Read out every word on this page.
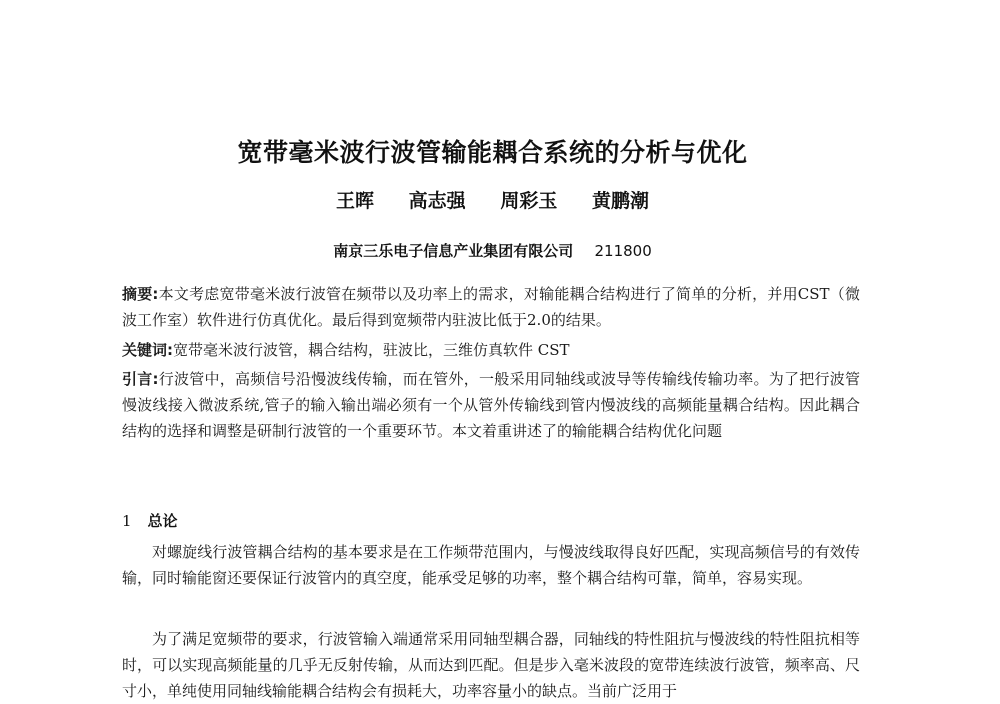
宽带毫米波行波管输能耦合系统的分析与优化
王晖 高志强 周彩玉 黄鹏潮
南京三乐电子信息产业集团有限公司 211800

摘要:本文考虑宽带毫米波行波管在频带以及功率上的需求，对输能耦合结构进行了简单的分析，并用CST（微波工作室）软件进行仿真优化。最后得到宽频带内驻波比低于2.0的结果。

关键词:宽带毫米波行波管，耦合结构，驻波比，三维仿真软件 CST

引言:行波管中，高频信号沿慢波线传输，而在管外，一般采用同轴线或波导等传输线传输功率。为了把行波管慢波线接入微波系统,管子的输入输出端必须有一个从管外传输线到管内慢波线的高频能量耦合结构。因此耦合结构的选择和调整是研制行波管的一个重要环节。本文着重讲述了的输能耦合结构优化问题

1 总论

对螺旋线行波管耦合结构的基本要求是在工作频带范围内，与慢波线取得良好匹配，实现高频信号的有效传输，同时输能窗还要保证行波管内的真空度，能承受足够的功率，整个耦合结构可靠，简单，容易实现。

为了满足宽频带的要求，行波管输入端通常采用同轴型耦合器，同轴线的特性阻抗与慢波线的特性阻抗相等时，可以实现高频能量的几乎无反射传输，从而达到匹配。但是步入毫米波段的宽带连续波行波管，频率高、尺寸小，单纯使用同轴线输能耦合结构会有损耗大，功率容量小的缺点。当前广泛用于
